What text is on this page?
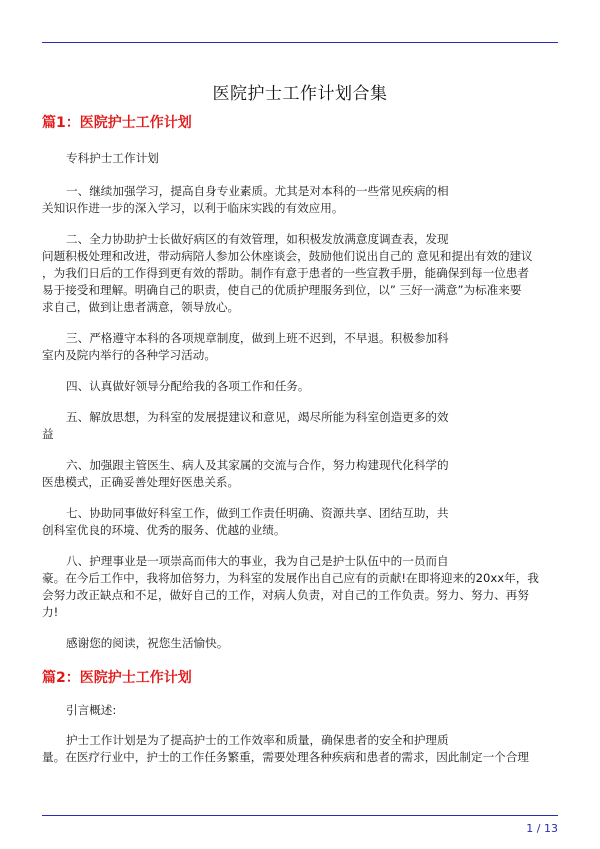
医院护士工作计划合集
篇1：医院护士工作计划
专科护士工作计划
一、继续加强学习，提高自身专业素质。尤其是对本科的一些常见疾病的相
关知识作进一步的深入学习，以利于临床实践的有效应用。
二、全力协助护士长做好病区的有效管理，如积极发放满意度调查表，发现
问题积极处理和改进，带动病陪人参加公休座谈会，鼓励他们说出自己的 意见和提出有效的建议
，为我们日后的工作得到更有效的帮助。制作有意于患者的一些宣教手册，能确保到每一位患者
易于接受和理解。明确自己的职责，使自己的优质护理服务到位，以” 三好一满意”为标准来要
求自己，做到让患者满意，领导放心。
三、严格遵守本科的各项规章制度，做到上班不迟到，不早退。积极参加科
室内及院内举行的各种学习活动。
四、认真做好领导分配给我的各项工作和任务。
五、解放思想，为科室的发展提建议和意见，竭尽所能为科室创造更多的效
益
六、加强跟主管医生、病人及其家属的交流与合作，努力构建现代化科学的
医患模式，正确妥善处理好医患关系。
七、协助同事做好科室工作，做到工作责任明确、资源共享、团结互助，共
创科室优良的环境、优秀的服务、优越的业绩。
八、护理事业是一项崇高而伟大的事业，我为自己是护士队伍中的一员而自
豪。在今后工作中，我将加倍努力，为科室的发展作出自己应有的贡献!在即将迎来的20xx年，我
会努力改正缺点和不足，做好自己的工作，对病人负责，对自己的工作负责。努力、努力、再努
力!
感谢您的阅读，祝您生活愉快。
篇2：医院护士工作计划
引言概述:
护士工作计划是为了提高护士的工作效率和质量，确保患者的安全和护理质
量。在医疗行业中，护士的工作任务繁重，需要处理各种疾病和患者的需求，因此制定一个合理
1 / 13
